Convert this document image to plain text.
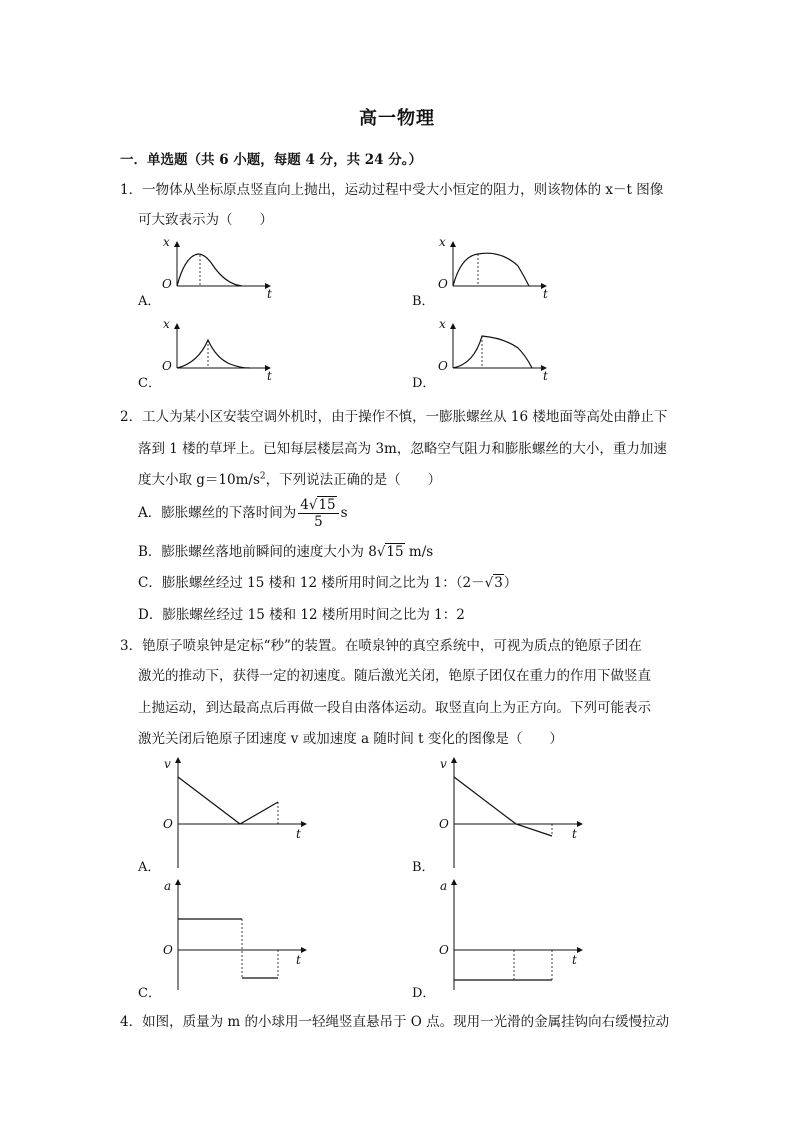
高一物理
一．单选题（共 6 小题，每题 4 分，共 24 分。）
1．一物体从坐标原点竖直向上抛出，运动过程中受大小恒定的阻力，则该物体的 x－t 图像
可大致表示为（　　）
x
O
t
A．
x
O
t
B．
x
O
t
C．
x
O
t
D．
2．工人为某小区安装空调外机时，由于操作不慎，一膨胀螺丝从 16 楼地面等高处由静止下
落到 1 楼的草坪上。已知每层楼层高为 3m，忽略空气阻力和膨胀螺丝的大小，重力加速
度大小取 $g=10m/s^2$，下列说法正确的是（　　）
A．膨胀螺丝的下落时间为 $\frac{4√15}{5}$ s
B．膨胀螺丝落地前瞬间的速度大小为 8√15 m/s
C．膨胀螺丝经过 15 楼和 12 楼所用时间之比为 1：（2－√3）
D．膨胀螺丝经过 15 楼和 12 楼所用时间之比为 1：2
3．铯原子喷泉钟是定标“秒”的装置。在喷泉钟的真空系统中，可视为质点的铯原子团在
激光的推动下，获得一定的初速度。随后激光关闭，铯原子团仅在重力的作用下做竖直
上抛运动，到达最高点后再做一段自由落体运动。取竖直向上为正方向。下列可能表示
激光关闭后铯原子团速度 v 或加速度 a 随时间 t 变化的图像是（　　）
v
O
t
A．
v
O
t
B．
a
O
t
C．
a
O
t
D．
4．如图，质量为 m 的小球用一轻绳竖直悬吊于 O 点。现用一光滑的金属挂钩向右缓慢拉动
